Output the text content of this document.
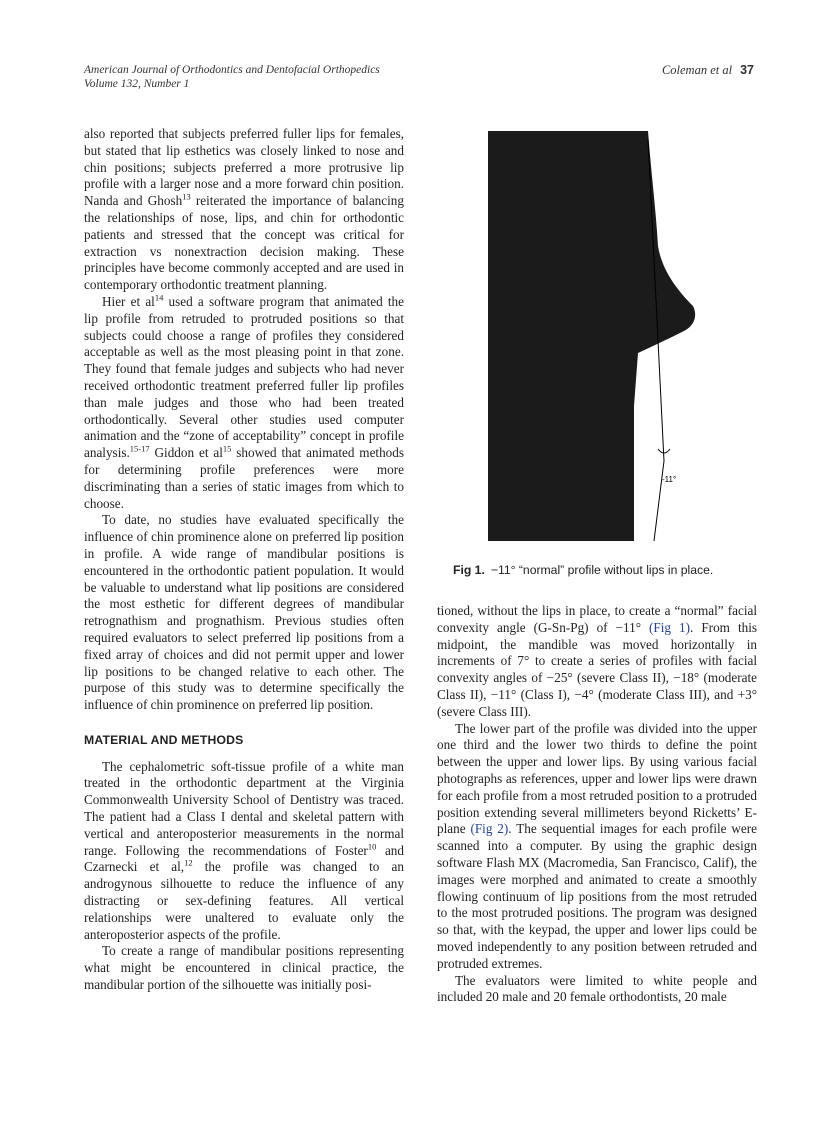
American Journal of Orthodontics and Dentofacial Orthopedics
Volume 132, Number 1
Coleman et al 37

also reported that subjects preferred fuller lips for females, but stated that lip esthetics was closely linked to nose and chin positions; subjects preferred a more protrusive lip profile with a larger nose and a more forward chin position. Nanda and Ghosh$^{13}$ reiterated the importance of balancing the relationships of nose, lips, and chin for orthodontic patients and stressed that the concept was critical for extraction vs nonextraction decision making. These principles have become commonly accepted and are used in contemporary orthodontic treatment planning.

Hier et $al^{14}$ used a software program that animated the lip profile from retruded to protruded positions so that subjects could choose a range of profiles they considered acceptable as well as the most pleasing point in that zone. They found that female judges and subjects who had never received orthodontic treatment preferred fuller lip profiles than male judges and those who had been treated orthodontically. Several other studies used computer animation and the “zone of acceptability” concept in profile analysis.$^{15-17}$ Giddon et $al^{15}$ showed that animated methods for determining profile preferences were more discriminating than a series of static images from which to choose.

To date, no studies have evaluated specifically the influence of chin prominence alone on preferred lip position in profile. A wide range of mandibular positions is encountered in the orthodontic patient population. It would be valuable to understand what lip positions are considered the most esthetic for different degrees of mandibular retrognathism and prognathism. Previous studies often required evaluators to select preferred lip positions from a fixed array of choices and did not permit upper and lower lip positions to be changed relative to each other. The purpose of this study was to determine specifically the influence of chin prominence on preferred lip position.

MATERIAL AND METHODS

The cephalometric soft-tissue profile of a white man treated in the orthodontic department at the Virginia Commonwealth University School of Dentistry was traced. The patient had a Class I dental and skeletal pattern with vertical and anteroposterior measurements in the normal range. Following the recommendations of Foster$^{10}$ and Czarnecki et al,$^{12}$ the profile was changed to an androgynous silhouette to reduce the influence of any distracting or sex-defining features. All vertical relationships were unaltered to evaluate only the anteroposterior aspects of the profile.

To create a range of mandibular positions representing what might be encountered in clinical practice, the mandibular portion of the silhouette was initially posi-

-11°
Fig 1. −11° “normal” profile without lips in place.

tioned, without the lips in place, to create a “normal” facial convexity angle (G-Sn-Pg) of −11° (Fig 1). From this midpoint, the mandible was moved horizontally in increments of 7° to create a series of profiles with facial convexity angles of −25° (severe Class II), −18° (moderate Class II), −11° (Class I), −4° (moderate Class III), and +3° (severe Class III).

The lower part of the profile was divided into the upper one third and the lower two thirds to define the point between the upper and lower lips. By using various facial photographs as references, upper and lower lips were drawn for each profile from a most retruded position to a protruded position extending several millimeters beyond Ricketts’ E-plane (Fig 2). The sequential images for each profile were scanned into a computer. By using the graphic design software Flash MX (Macromedia, San Francisco, Calif), the images were morphed and animated to create a smoothly flowing continuum of lip positions from the most retruded to the most protruded positions. The program was designed so that, with the keypad, the upper and lower lips could be moved independently to any position between retruded and protruded extremes.

The evaluators were limited to white people and included 20 male and 20 female orthodontists, 20 male
